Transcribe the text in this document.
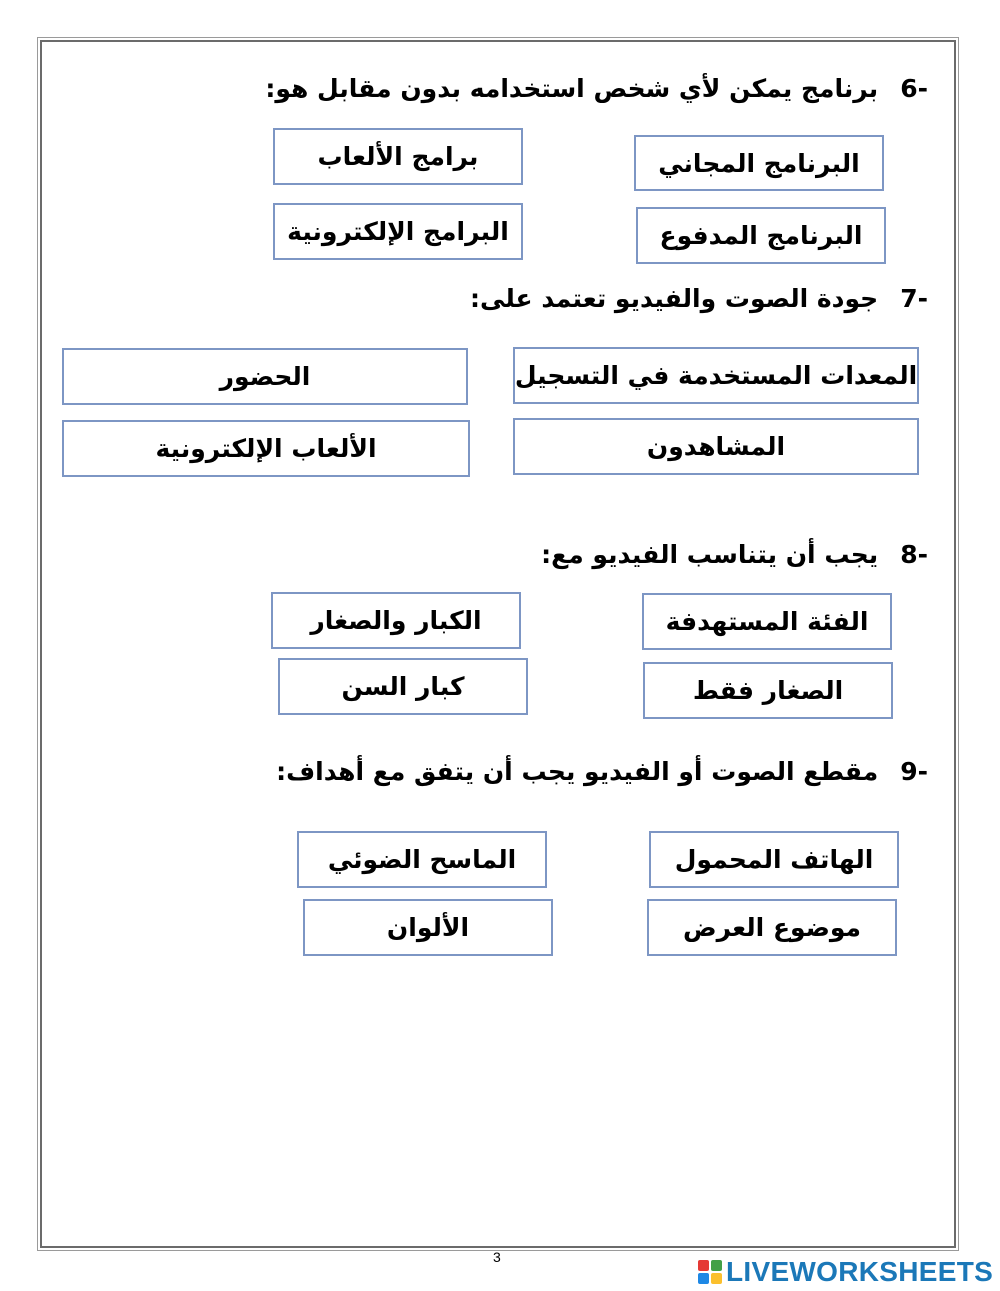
-6برنامج يمكن لأي شخص استخدامه بدون مقابل هو:
البرنامج المجاني
برامج الألعاب
البرنامج المدفوع
البرامج الإلكترونية
-7جودة الصوت والفيديو تعتمد على:
المعدات المستخدمة في التسجيل
الحضور
المشاهدون
الألعاب الإلكترونية
-8يجب أن يتناسب الفيديو مع:
الفئة المستهدفة
الكبار والصغار
الصغار فقط
كبار السن
-9مقطع الصوت أو الفيديو يجب أن يتفق مع أهداف:
الهاتف المحمول
الماسح الضوئي
موضوع العرض
الألوان
3	LIVEWORKSHEETS
